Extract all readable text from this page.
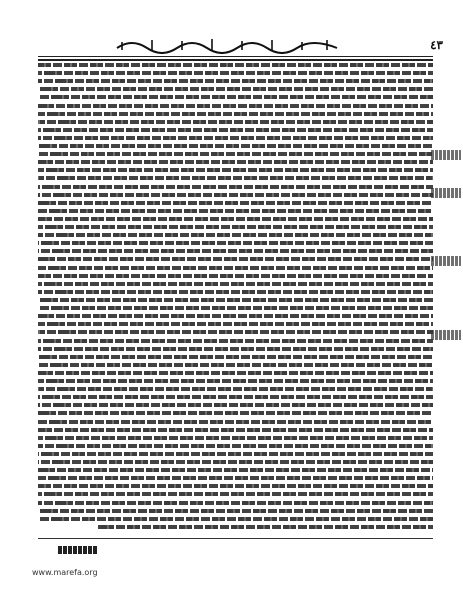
٤٣
www.marefa.org
